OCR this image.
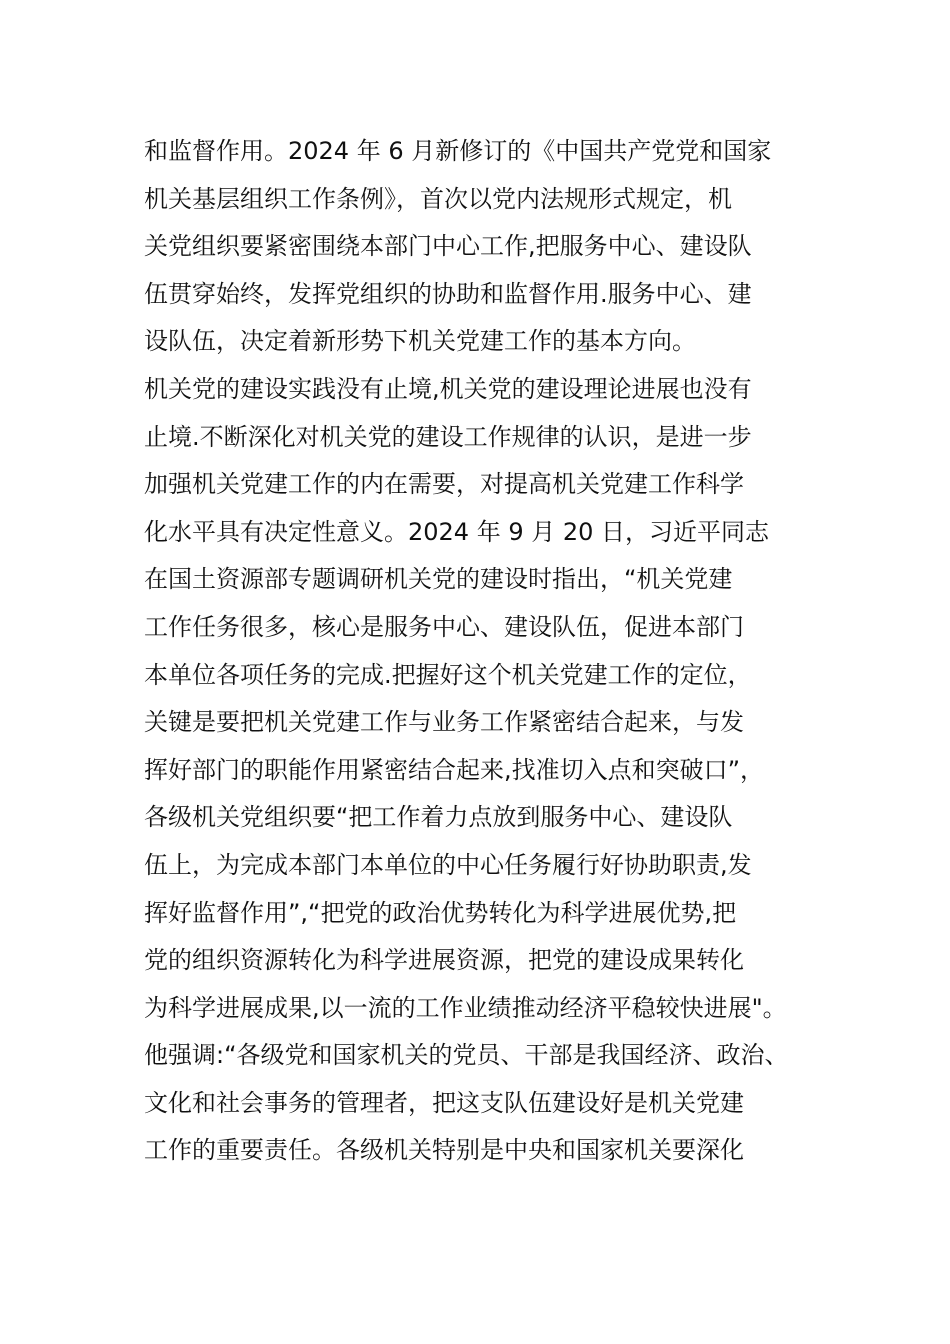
和监督作用。2024 年 6 月新修订的《中国共产党党和国家
机关基层组织工作条例》，首次以党内法规形式规定，机
关党组织要紧密围绕本部门中心工作,把服务中心、建设队
伍贯穿始终，发挥党组织的协助和监督作用.服务中心、建
设队伍，决定着新形势下机关党建工作的基本方向。
机关党的建设实践没有止境,机关党的建设理论进展也没有
止境.不断深化对机关党的建设工作规律的认识，是进一步
加强机关党建工作的内在需要，对提高机关党建工作科学
化水平具有决定性意义。2024 年 9 月 20 日，习近平同志
在国土资源部专题调研机关党的建设时指出，“机关党建
工作任务很多，核心是服务中心、建设队伍，促进本部门
本单位各项任务的完成.把握好这个机关党建工作的定位，
关键是要把机关党建工作与业务工作紧密结合起来，与发
挥好部门的职能作用紧密结合起来,找准切入点和突破口”，
各级机关党组织要“把工作着力点放到服务中心、建设队
伍上，为完成本部门本单位的中心任务履行好协助职责,发
挥好监督作用”,“把党的政治优势转化为科学进展优势,把
党的组织资源转化为科学进展资源，把党的建设成果转化
为科学进展成果,以一流的工作业绩推动经济平稳较快进展"。
他强调:“各级党和国家机关的党员、干部是我国经济、政治、
文化和社会事务的管理者，把这支队伍建设好是机关党建
工作的重要责任。各级机关特别是中央和国家机关要深化
